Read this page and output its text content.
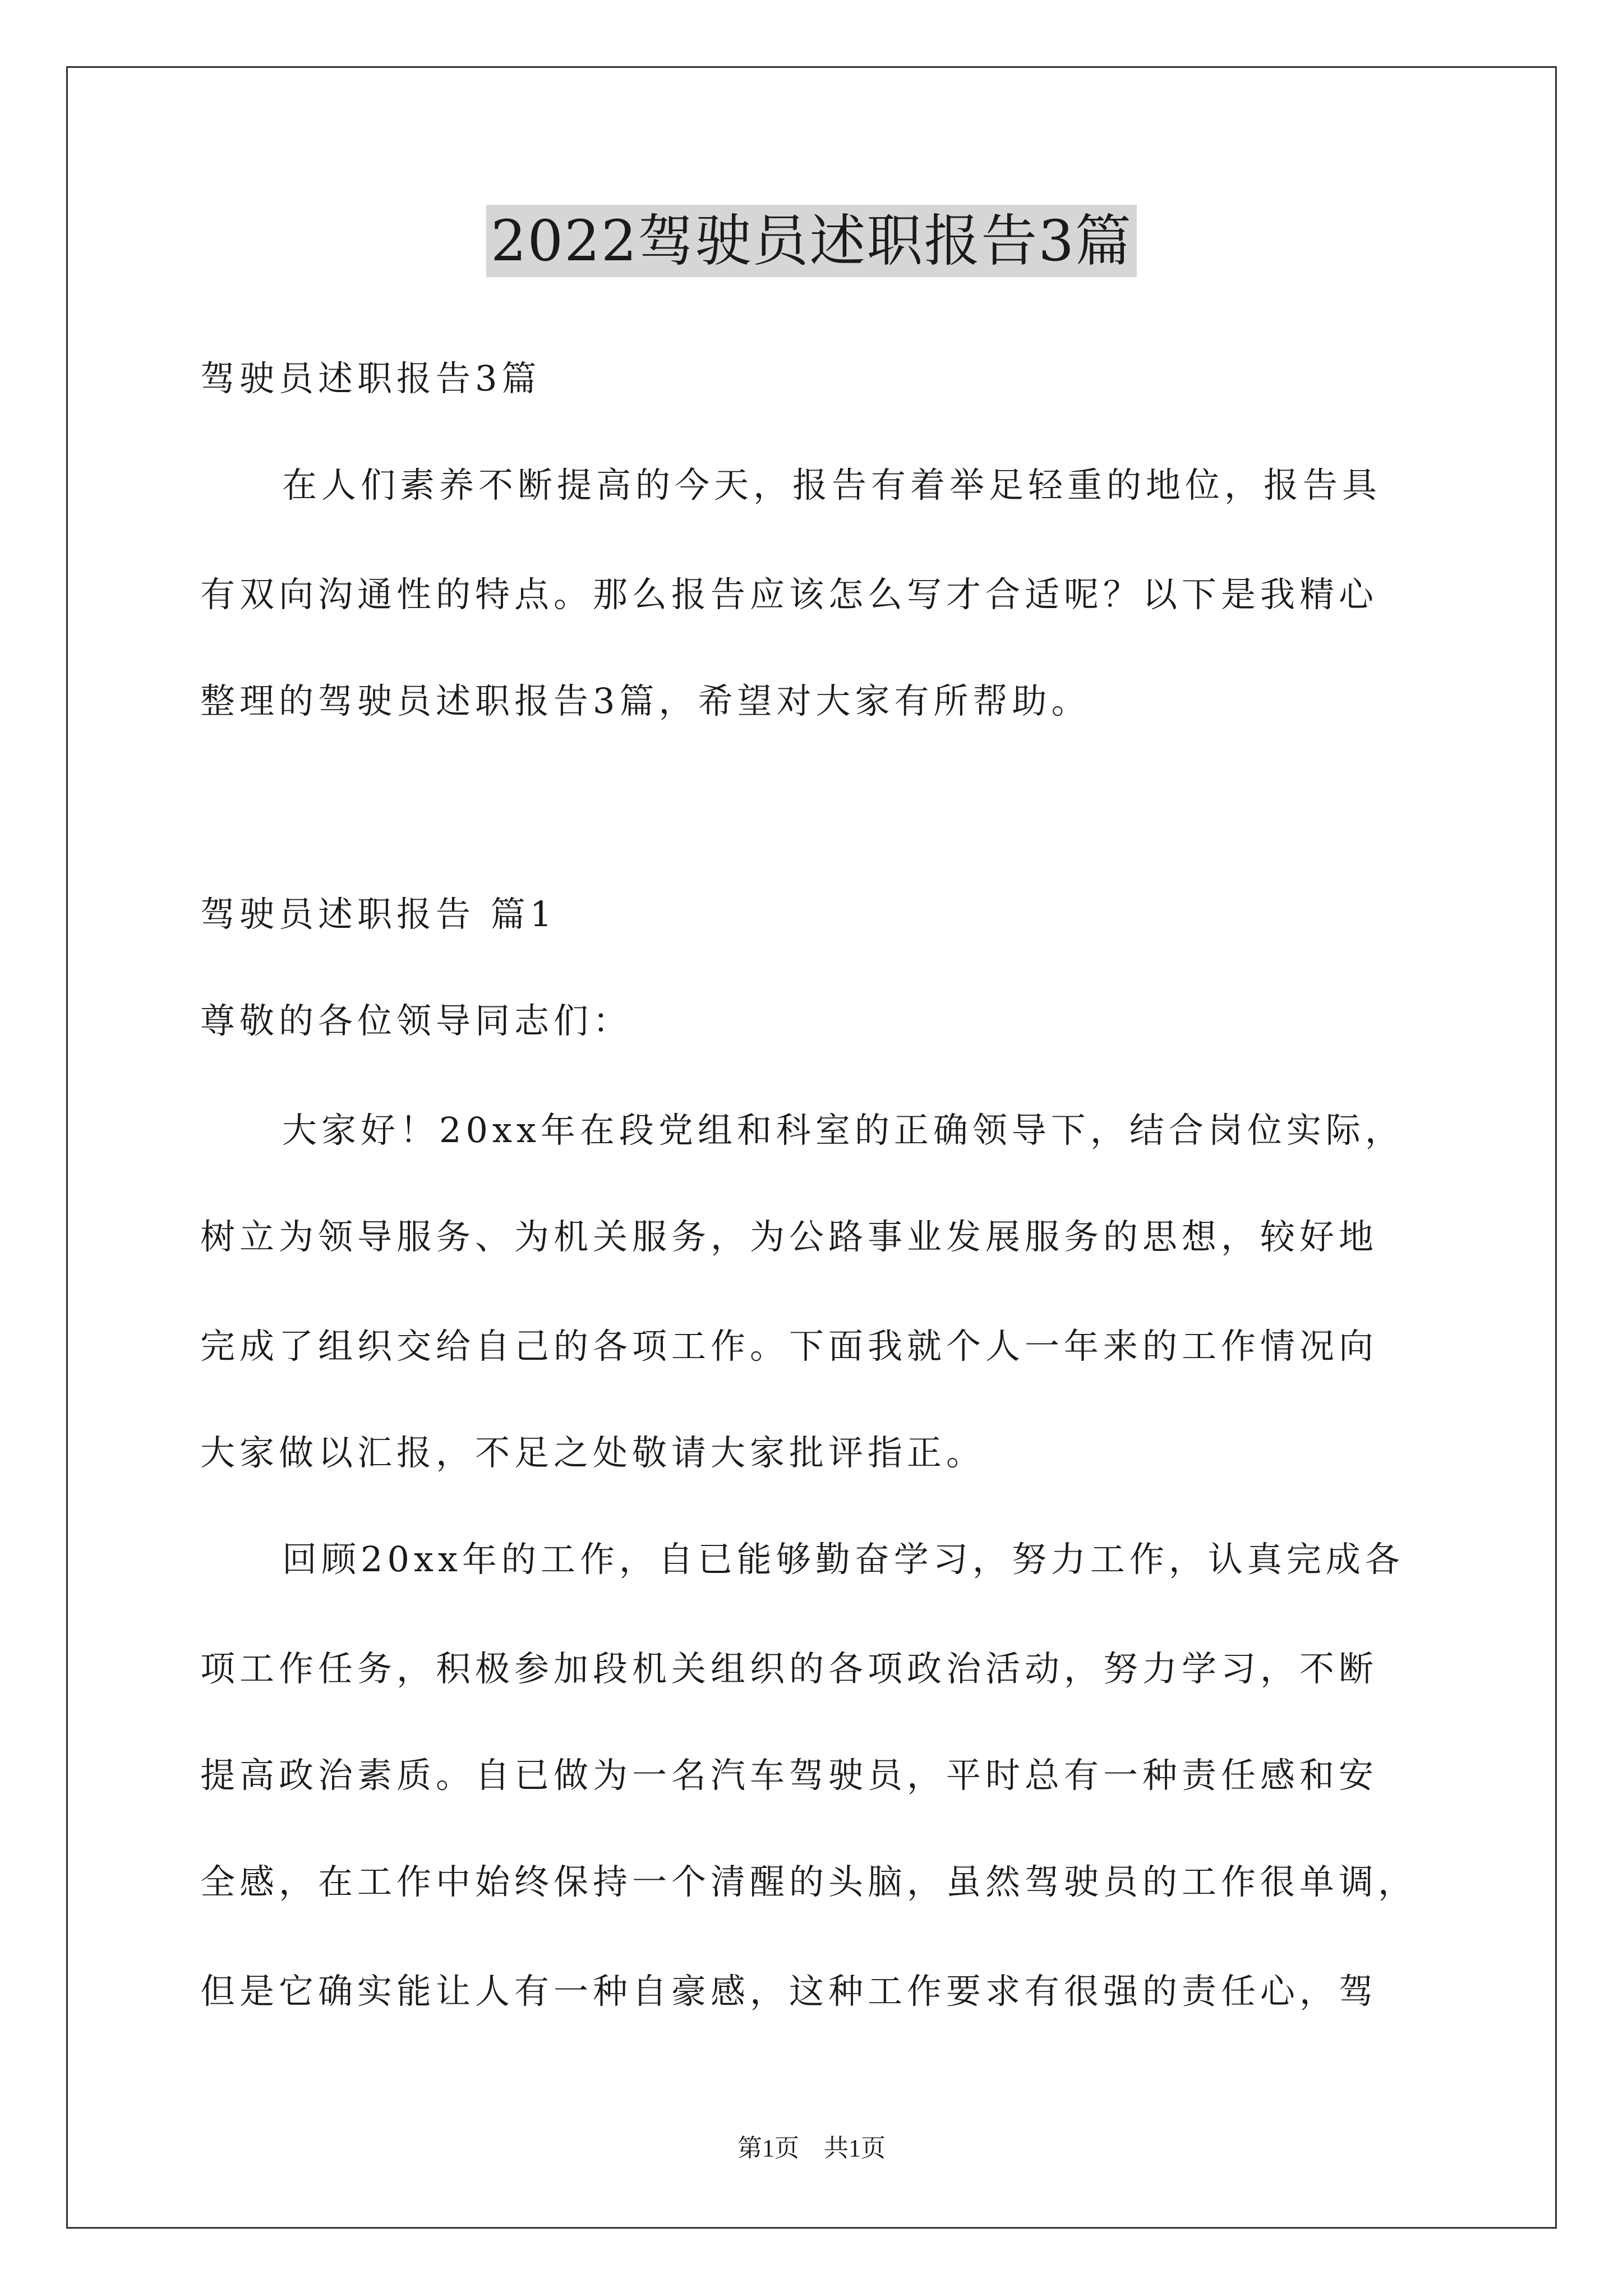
2022驾驶员述职报告3篇
驾驶员述职报告3篇
在人们素养不断提高的今天，报告有着举足轻重的地位，报告具
有双向沟通性的特点。那么报告应该怎么写才合适呢？以下是我精心
整理的驾驶员述职报告3篇，希望对大家有所帮助。
驾驶员述职报告 篇1
尊敬的各位领导同志们：
大家好！20xx年在段党组和科室的正确领导下，结合岗位实际，
树立为领导服务、为机关服务，为公路事业发展服务的思想，较好地
完成了组织交给自己的各项工作。下面我就个人一年来的工作情况向
大家做以汇报，不足之处敬请大家批评指正。
回顾20xx年的工作，自已能够勤奋学习，努力工作，认真完成各
项工作任务，积极参加段机关组织的各项政治活动，努力学习，不断
提高政治素质。自已做为一名汽车驾驶员，平时总有一种责任感和安
全感，在工作中始终保持一个清醒的头脑，虽然驾驶员的工作很单调，
但是它确实能让人有一种自豪感，这种工作要求有很强的责任心，驾
第1页　共1页
